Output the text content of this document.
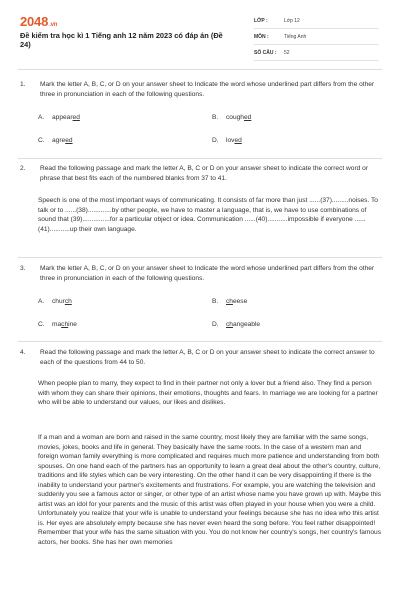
2048.vn
Đề kiểm tra học kì 1 Tiếng anh 12 năm 2023 có đáp án (Đề 24)
LỚP :	Lớp 12
MÔN :	Tiếng Anh
SỐ CÂU :	52
1.	Mark the letter A, B, C, or D on your answer sheet to Indicate the word whose underlined part differs from the other three in pronunciation in each of the following questions.
A. appeared	B. coughed
C. agreed	D. loved
2.	Read the following passage and mark the letter A, B, C or D on your answer sheet to indicate the correct word or phrase that best fits each of the numbered blanks from 37 to 41.
Speech is one of the most important ways of communicating. It consists of far more than just ......(37).........noises. To talk or to ......(38).............by other people, we have to master a language, that is, we have to use combinations of sound that (39)...............for a particular object or idea. Communication ......(40)...........impossible if everyone ......(41)...........up their own language.
3.	Mark the letter A, B, C, or D on your answer sheet to Indicate the word whose underlined part differs from the other three in pronunciation in each of the following questions.
A. church	B. cheese
C. machine	D. changeable
4.	Read the following passage and mark the letter A, B, C or D on your answer sheet to indicate the correct answer to each of the questions from 44 to 50.
When people plan to marry, they expect to find in their partner not only a lover but a friend also. They find a person with whom they can share their opinions, their emotions, thoughts and fears. In marriage we are looking for a partner who will be able to understand our values, our likes and dislikes.
If a man and a woman are born and raised in the same country, most likely they are familiar with the same songs, movies, jokes, books and life in general. They basically have the same roots. In the case of a western man and foreign woman family everything is more complicated and requires much more patience and understanding from both spouses. On one hand each of the partners has an opportunity to learn a great deal about the other's country, culture, traditions and life styles which can be very interesting. On the other hand it can be very disappointing if there is the inability to understand your partner's excitements and frustrations. For example, you are watching the television and suddenly you see a famous actor or singer, or other type of an artist whose name you have grown up with. Maybe this artist was an idol for your parents and the music of this artist was often played in your house when you were a child. Unfortunately you realize that your wife is unable to understand your feelings because she has no idea who this artist is. Her eyes are absolutely empty because she has never even heard the song before. You feel rather disappointed! Remember that your wife has the same situation with you. You do not know her country's songs, her country's famous actors, her books. She has her own memories
